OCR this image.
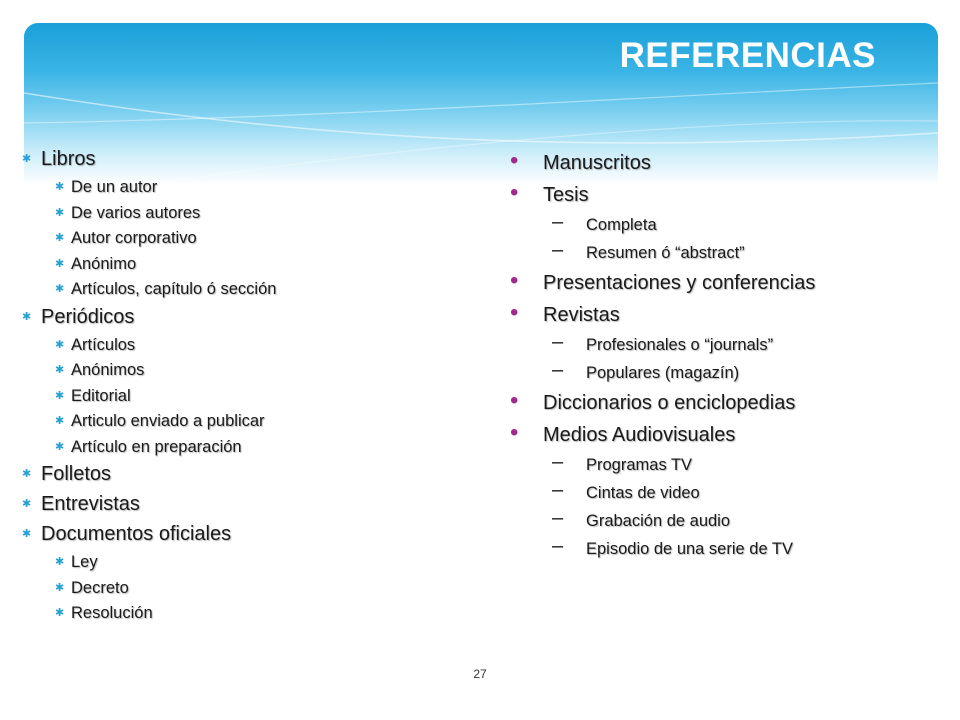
REFERENCIAS
✱ Libros
✱ De un autor
✱ De varios autores
✱ Autor corporativo
✱ Anónimo
✱ Artículos, capítulo ó sección
✱ Periódicos
✱ Artículos
✱ Anónimos
✱ Editorial
✱ Articulo enviado a publicar
✱ Artículo en preparación
✱ Folletos
✱ Entrevistas
✱ Documentos oficiales
✱ Ley
✱ Decreto
✱ Resolución
• Manuscritos
• Tesis
– Completa
– Resumen ó “abstract”
• Presentaciones y conferencias
• Revistas
– Profesionales o “journals”
– Populares (magazín)
• Diccionarios o enciclopedias
• Medios Audiovisuales
– Programas TV
– Cintas de video
– Grabación de audio
– Episodio de una serie de TV
27
